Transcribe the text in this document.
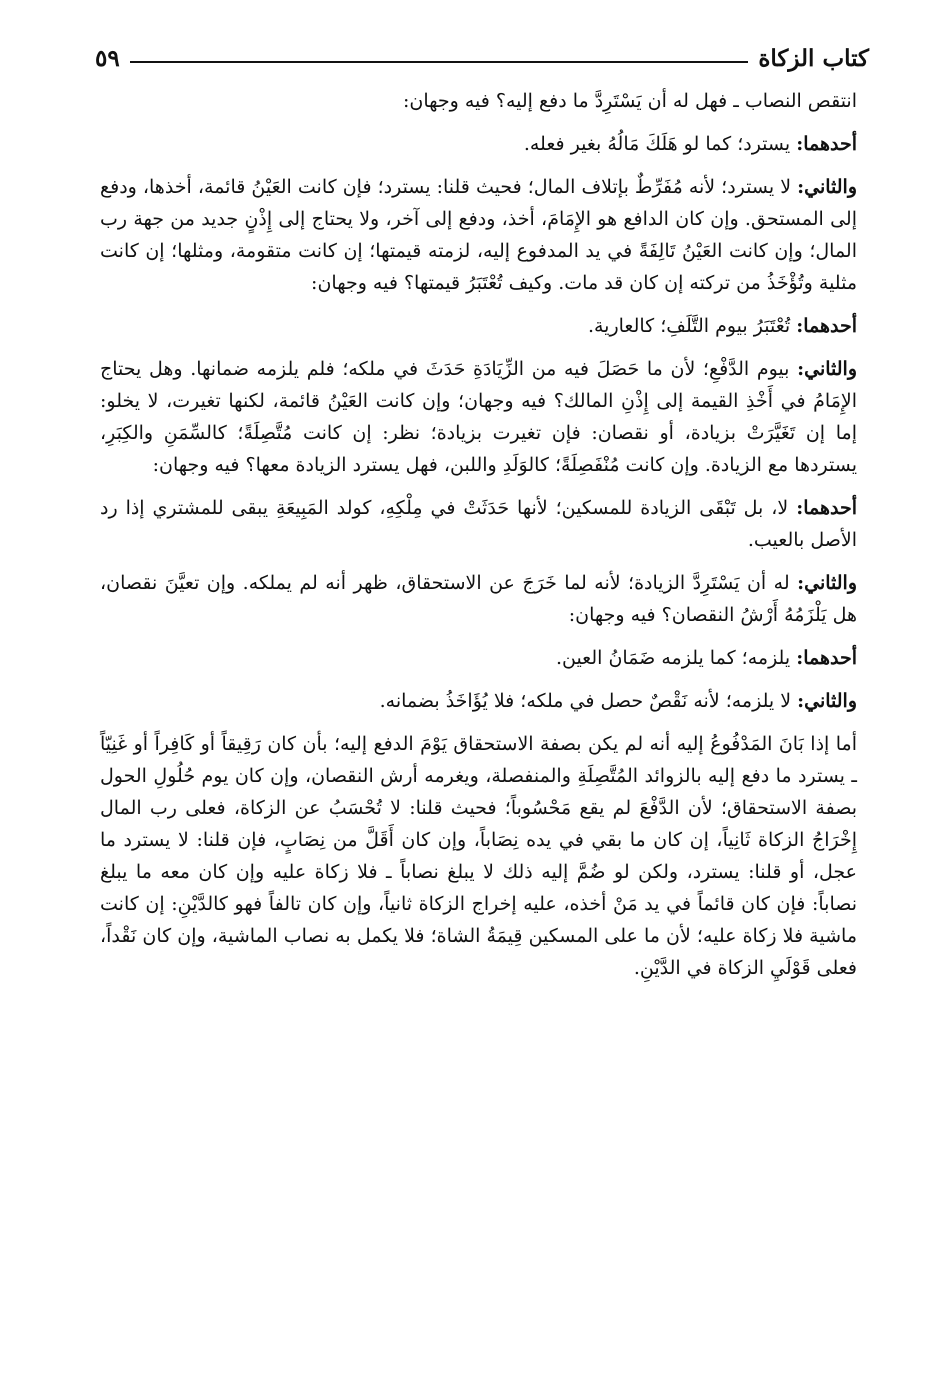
كتاب الزكاة
٥٩

انتقص النصاب ـ فهل له أن يَسْتَرِدَّ ما دفع إليه؟ فيه وجهان:

أحدهما: يسترد؛ كما لو هَلَكَ مَالُهُ بغير فعله.

والثاني: لا يسترد؛ لأنه مُفَرِّطٌ بإتلاف المال؛ فحيث قلنا: يسترد؛ فإن كانت العَيْنُ قائمة، أخذها، ودفع إلى المستحق. وإن كان الدافع هو الإِمَامَ، أخذ، ودفع إلى آخر، ولا يحتاج إلى إِذْنٍ جديد من جهة رب المال؛ وإن كانت العَيْنُ تَالِفَةً في يد المدفوع إليه، لزمته قيمتها؛ إن كانت متقومة، ومثلها؛ إن كانت مثلية وتُؤْخَذُ من تركته إن كان قد مات. وكيف تُعْتَبَرُ قيمتها؟ فيه وجهان:

أحدهما: تُعْتَبَرُ بيوم التَّلَفِ؛ كالعارية.

والثاني: بيوم الدَّفْعِ؛ لأن ما حَصَلَ فيه من الزِّيَادَةِ حَدَثَ في ملكه؛ فلم يلزمه ضمانها. وهل يحتاج الإِمَامُ في أَخْذِ القيمة إلى إِذْنِ المالك؟ فيه وجهان؛ وإن كانت العَيْنُ قائمة، لكنها تغيرت، لا يخلو: إما إن تَغَيَّرَتْ بزيادة، أو نقصان: فإن تغيرت بزيادة؛ نظر: إن كانت مُتَّصِلَةً؛ كالسِّمَنِ والكِبَرِ، يستردها مع الزيادة. وإن كانت مُنْفَصِلَةً؛ كالوَلَدِ واللبن، فهل يسترد الزيادة معها؟ فيه وجهان:

أحدهما: لا، بل تَبْقَى الزيادة للمسكين؛ لأنها حَدَثَتْ في مِلْكِهِ، كولد المَبِيعَةِ يبقى للمشتري إذا رد الأصل بالعيب.

والثاني: له أن يَسْتَرِدَّ الزيادة؛ لأنه لما خَرَجَ عن الاستحقاق، ظهر أنه لم يملكه. وإن تعيَّنَ نقصان، هل يَلْزَمُهُ أَرْشُ النقصان؟ فيه وجهان:

أحدهما: يلزمه؛ كما يلزمه ضَمَانُ العين.

والثاني: لا يلزمه؛ لأنه نَقْصٌ حصل في ملكه؛ فلا يُؤَاخَذُ بضمانه.

أما إذا بَانَ المَدْفُوعُ إليه أنه لم يكن بصفة الاستحقاق يَوْمَ الدفع إليه؛ بأن كان رَقِيقاً أو كَافِراً أو غَنِيّاً ـ يسترد ما دفع إليه بالزوائد المُتَّصِلَةِ والمنفصلة، ويغرمه أرش النقصان، وإن كان يوم حُلُولِ الحول بصفة الاستحقاق؛ لأن الدَّفْعَ لم يقع مَحْسُوباً؛ فحيث قلنا: لا تُحْسَبُ عن الزكاة، فعلى رب المال إِخْرَاجُ الزكاة ثَانِياً، إن كان ما بقي في يده نِصَاباً، وإن كان أَقَلَّ من نِصَابٍ، فإن قلنا: لا يسترد ما عجل، أو قلنا: يسترد، ولكن لو ضُمَّ إليه ذلك لا يبلغ نصاباً ـ فلا زكاة عليه وإن كان معه ما يبلغ نصاباً: فإن كان قائماً في يد مَنْ أخذه، عليه إخراج الزكاة ثانياً، وإن كان تالفاً فهو كالدَّيْنِ: إن كانت ماشية فلا زكاة عليه؛ لأن ما على المسكين قِيمَةُ الشاة؛ فلا يكمل به نصاب الماشية، وإن كان نَقْداً، فعلى قَوْلَيِ الزكاة في الدَّيْنِ.
